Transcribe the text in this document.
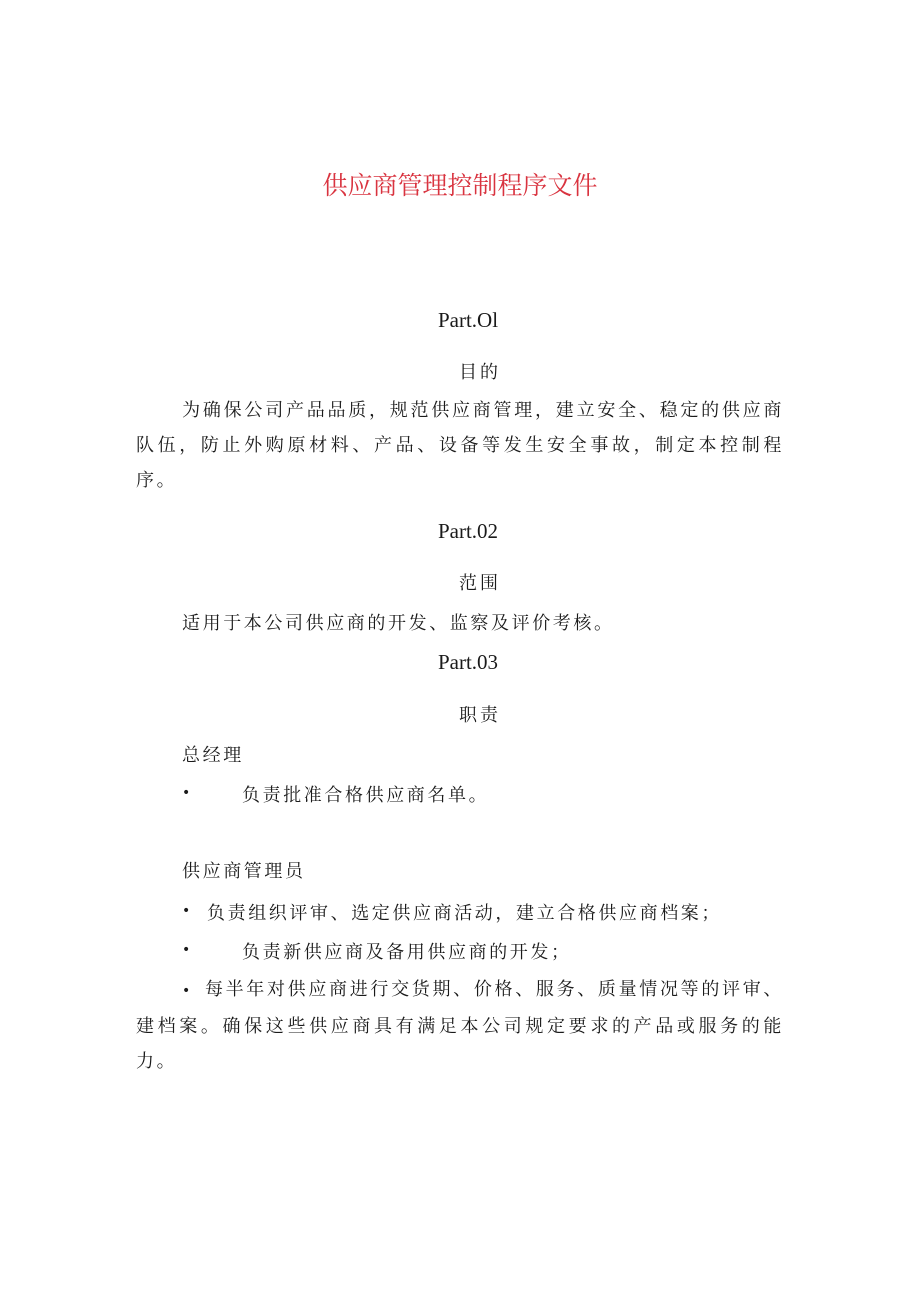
供应商管理控制程序文件
Part.Ol
目的
为确保公司产品品质，规范供应商管理，建立安全、稳定的供应商队伍，防止外购原材料、产品、设备等发生安全事故，制定本控制程序。
Part.02
范围
适用于本公司供应商的开发、监察及评价考核。
Part.03
职责
总经理
•	负责批准合格供应商名单。
供应商管理员
• 负责组织评审、选定供应商活动，建立合格供应商档案；
•	负责新供应商及备用供应商的开发；
• 每半年对供应商进行交货期、价格、服务、质量情况等的评审、建档案。确保这些供应商具有满足本公司规定要求的产品或服务的能力。
